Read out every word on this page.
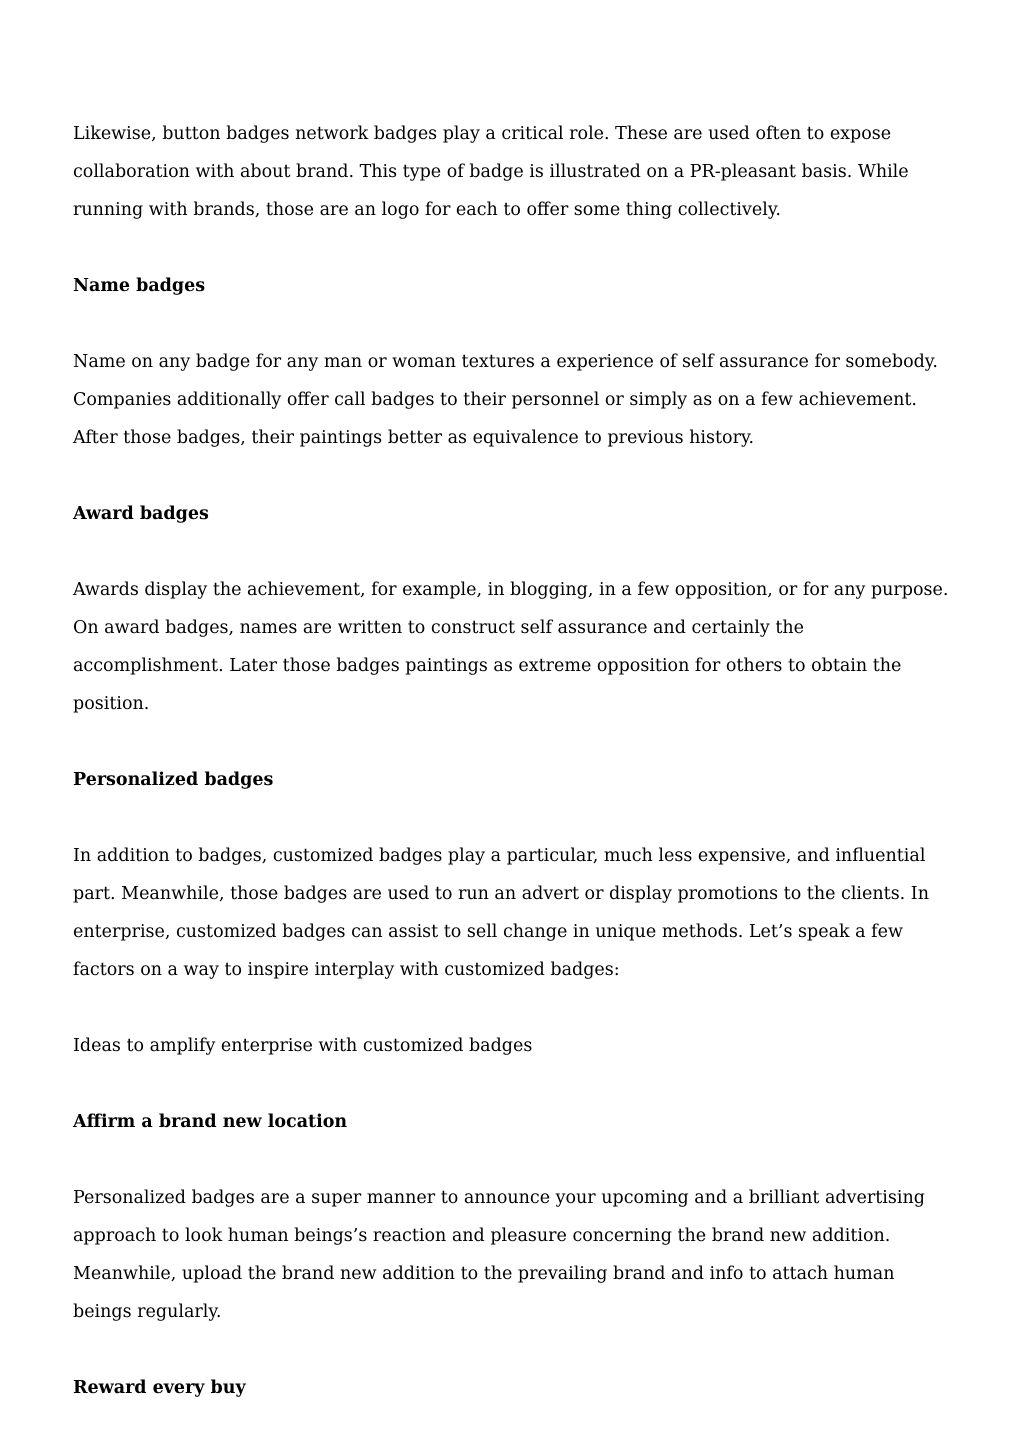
Likewise, button badges network badges play a critical role. These are used often to expose collaboration with about brand. This type of badge is illustrated on a PR-pleasant basis. While running with brands, those are an logo for each to offer some thing collectively.

Name badges

Name on any badge for any man or woman textures a experience of self assurance for somebody. Companies additionally offer call badges to their personnel or simply as on a few achievement. After those badges, their paintings better as equivalence to previous history.

Award badges

Awards display the achievement, for example, in blogging, in a few opposition, or for any purpose. On award badges, names are written to construct self assurance and certainly the accomplishment. Later those badges paintings as extreme opposition for others to obtain the position.

Personalized badges

In addition to badges, customized badges play a particular, much less expensive, and influential part. Meanwhile, those badges are used to run an advert or display promotions to the clients. In enterprise, customized badges can assist to sell change in unique methods. Let’s speak a few factors on a way to inspire interplay with customized badges:

Ideas to amplify enterprise with customized badges

Affirm a brand new location

Personalized badges are a super manner to announce your upcoming and a brilliant advertising approach to look human beings’s reaction and pleasure concerning the brand new addition. Meanwhile, upload the brand new addition to the prevailing brand and info to attach human beings regularly.

Reward every buy
